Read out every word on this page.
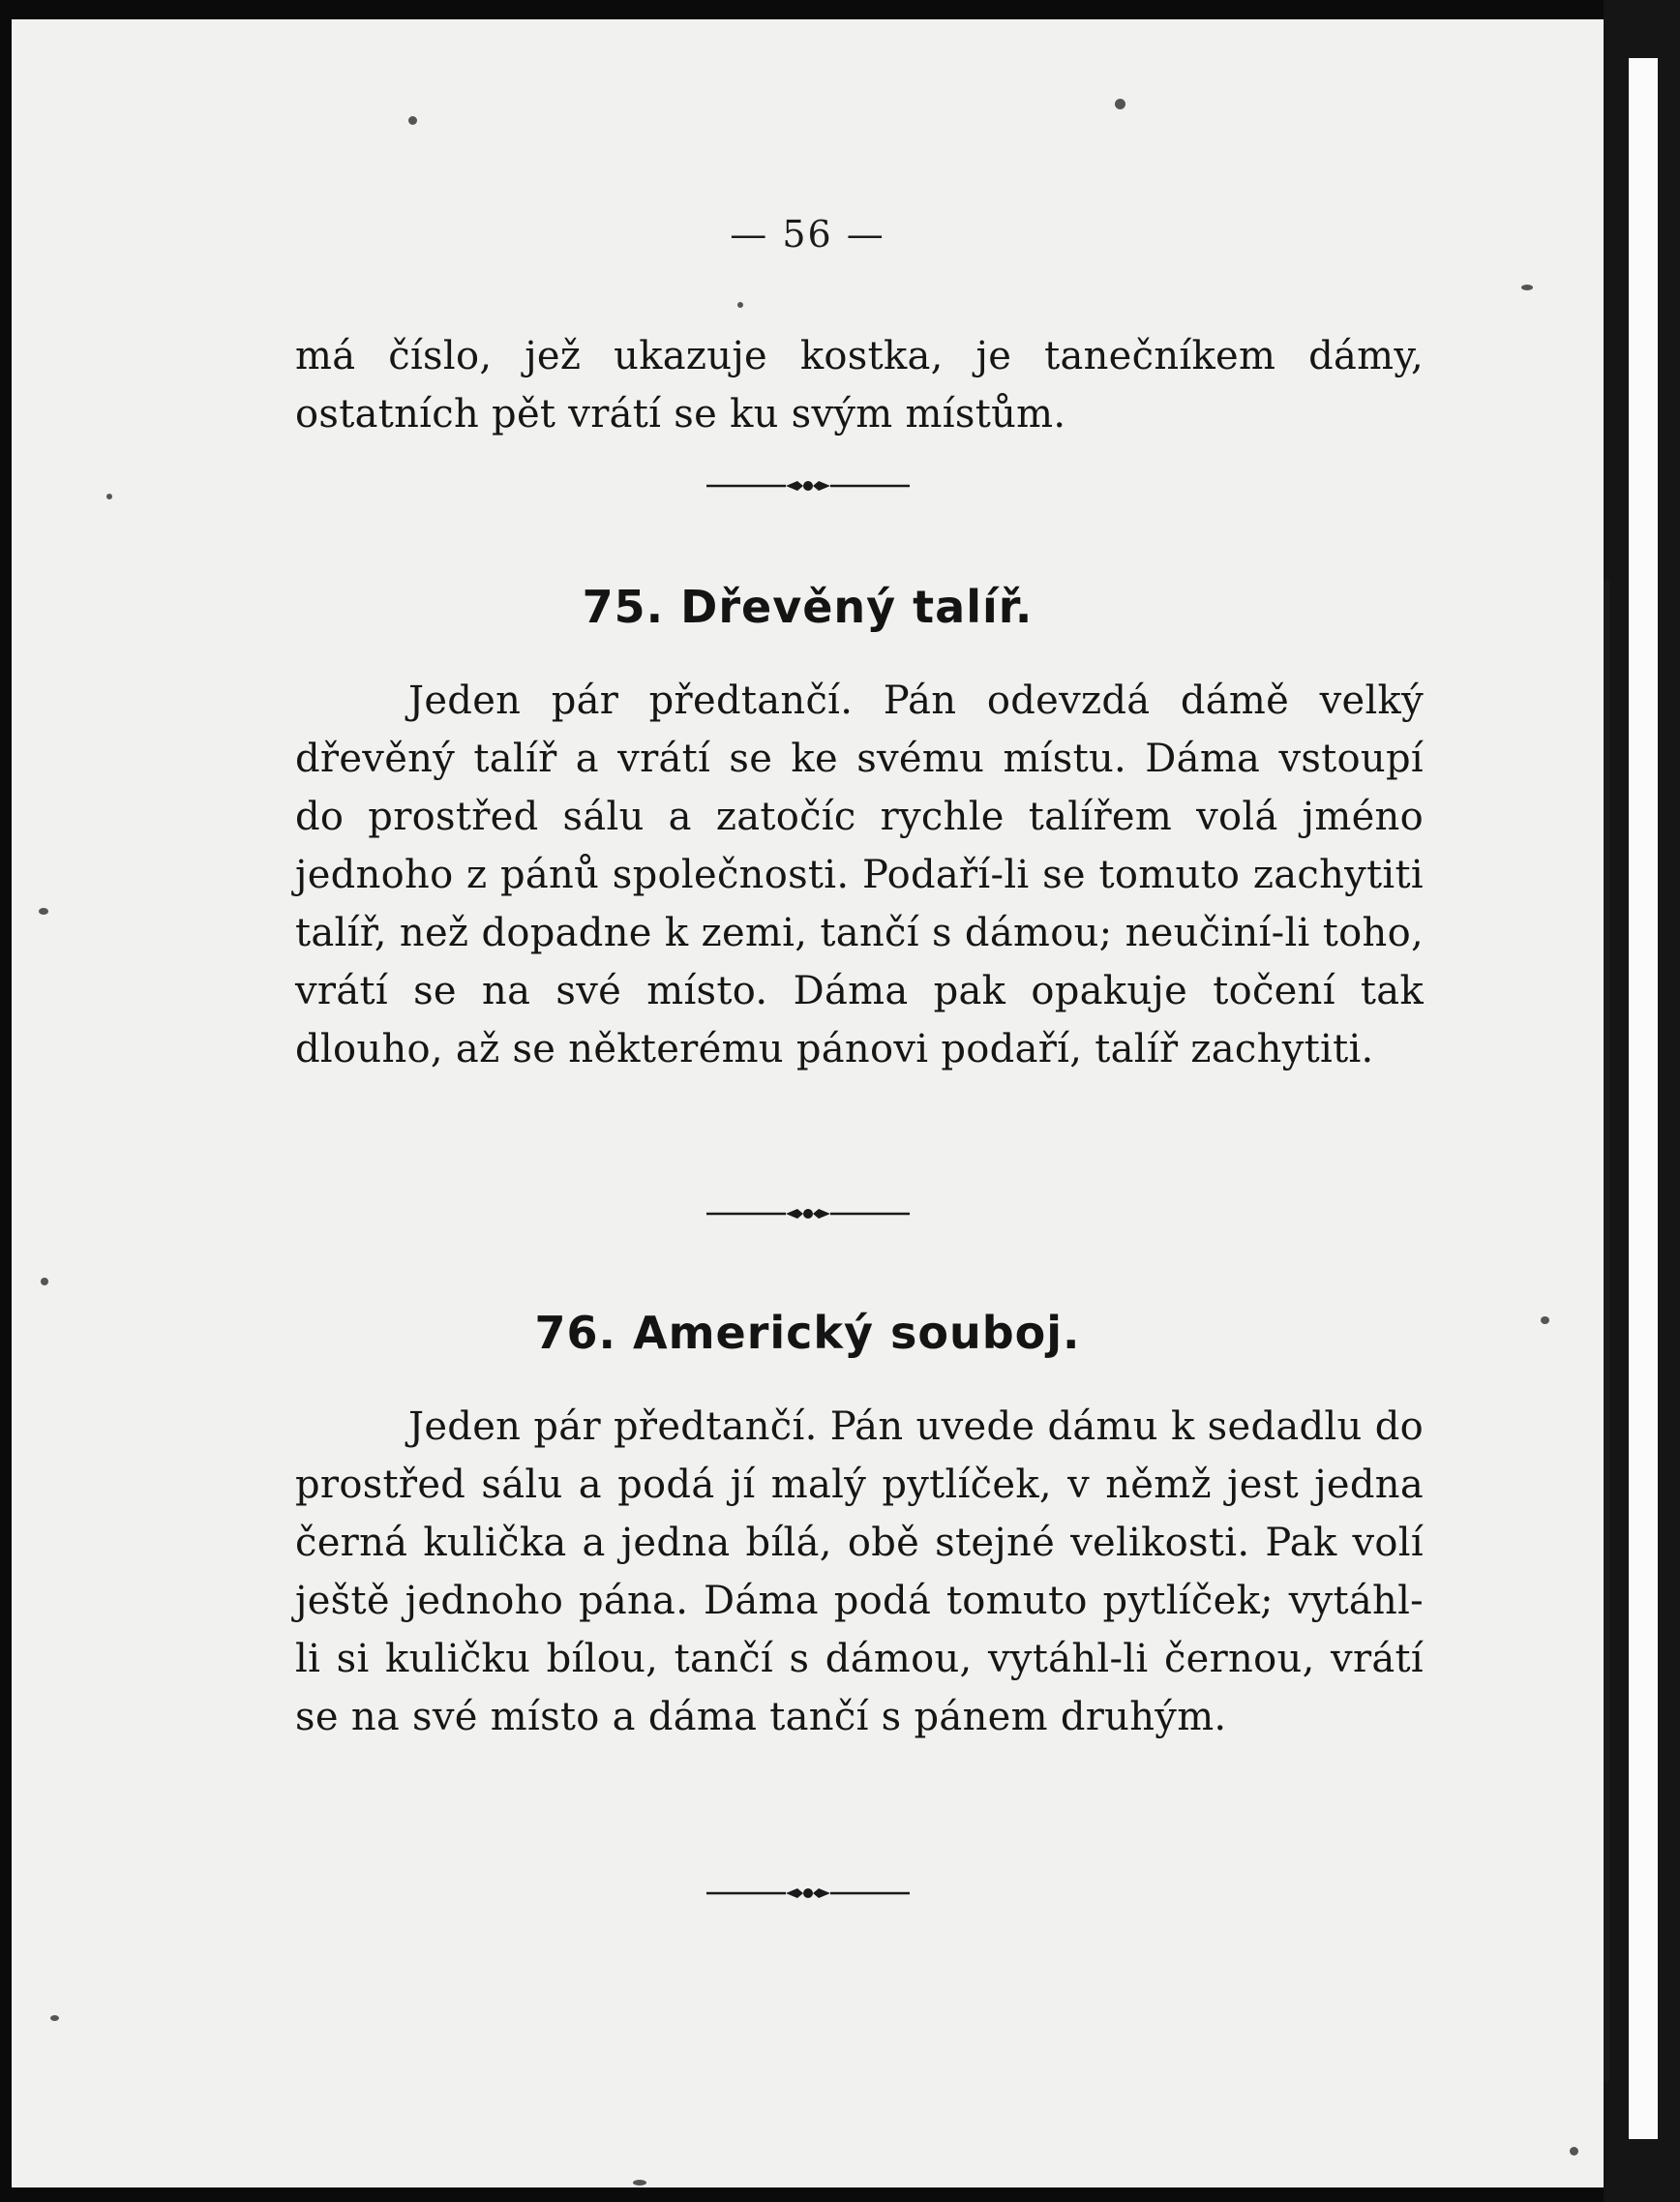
— 56 —
má číslo, jež ukazuje kostka, je tanečníkem dámy, ostatních pět vrátí se ku svým místům.
75. Dřevěný talíř.
Jeden pár předtančí. Pán odevzdá dámě velký dřevěný talíř a vrátí se ke svému místu. Dáma vstoupí do prostřed sálu a zatočíc rychle talířem volá jméno jednoho z pánů společnosti. Podaří-li se tomuto zachytiti talíř, než dopadne k zemi, tančí s dámou; neučiní-li toho, vrátí se na své místo. Dáma pak opakuje točení tak dlouho, až se některému pánovi podaří, talíř zachytiti.
76. Americký souboj.
Jeden pár předtančí. Pán uvede dámu k sedadlu do prostřed sálu a podá jí malý pytlíček, v němž jest jedna černá kulička a jedna bílá, obě stejné velikosti. Pak volí ještě jednoho pána. Dáma podá tomuto pytlíček; vytáhl-li si kuličku bílou, tančí s dámou, vytáhl-li černou, vrátí se na své místo a dáma tančí s pánem druhým.
